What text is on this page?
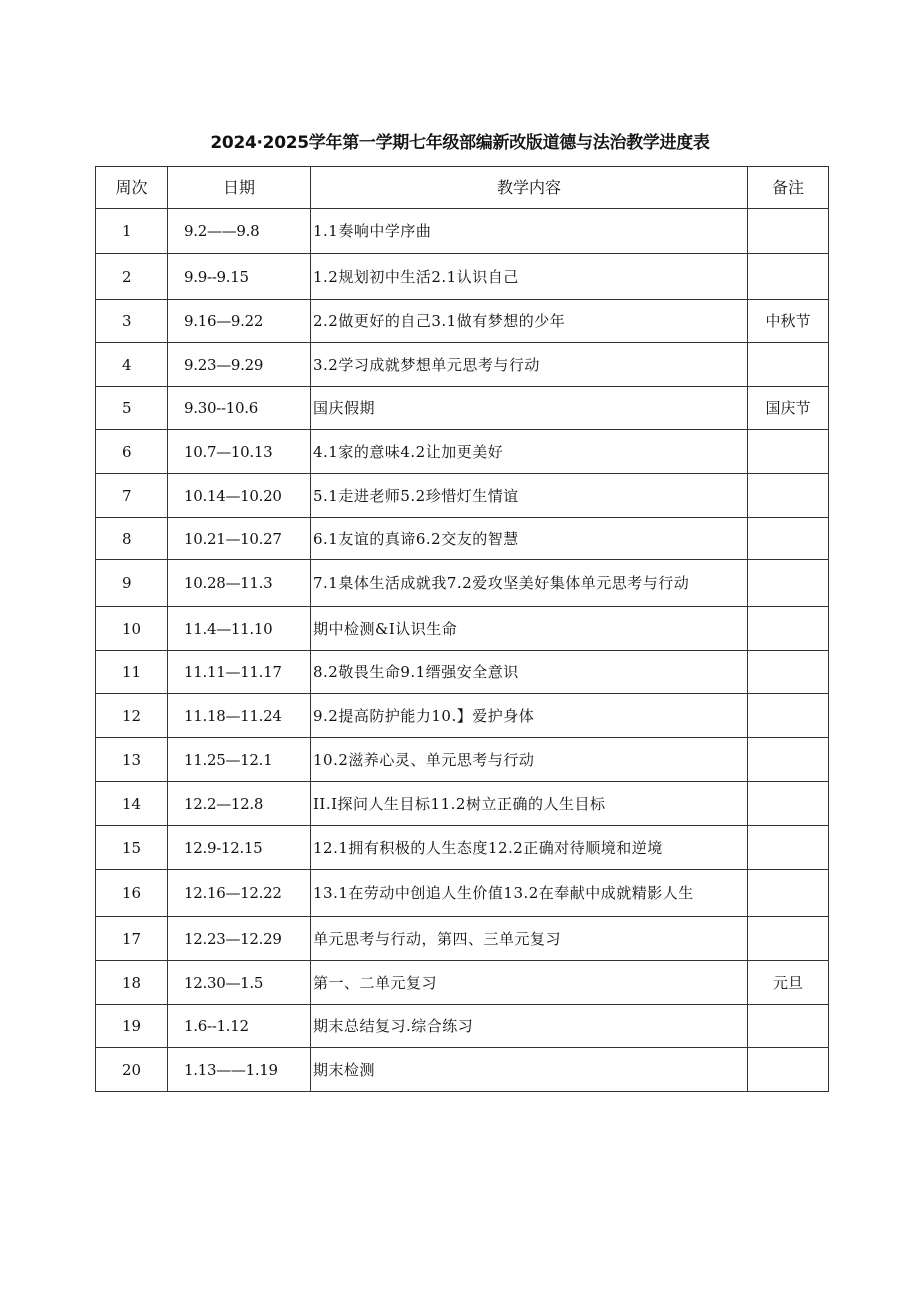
2024·2025学年第一学期七年级部编新改版道德与法治教学进度表
周次	日期	教学内容	备注
1	9.2——9.8	1.1奏响中学序曲	
2	9.9--9.15	1.2规划初中生活2.1认识自己	
3	9.16—9.22	2.2做更好的自己3.1做有梦想的少年	中秋节
4	9.23—9.29	3.2学习成就梦想单元思考与行动	
5	9.30--10.6	国庆假期	国庆节
6	10.7—10.13	4.1家的意味4.2让加更美好	
7	10.14—10.20	5.1走进老师5.2珍惜灯生情谊	
8	10.21—10.27	6.1友谊的真谛6.2交友的智慧	
9	10.28—11.3	7.1臬体生活成就我7.2爱攻坚美好集体单元思考与行动	
10	11.4—11.10	期中检测&I认识生命	
11	11.11—11.17	8.2敬畏生命9.1缙强安全意识	
12	11.18—11.24	9.2提高防护能力10.】爱护身体	
13	11.25—12.1	10.2滋养心灵、单元思考与行动	
14	12.2—12.8	II.I探问人生目标11.2树立正确的人生目标	
15	12.9-12.15	12.1拥有积极的人生态度12.2正确对待顺境和逆境	
16	12.16—12.22	13.1在劳动中创追人生价值13.2在奉献中成就精影人生	
17	12.23—12.29	单元思考与行动，第四、三单元复习	
18	12.30—1.5	第一、二单元复习	元旦
19	1.6--1.12	期末总结复习.综合练习	
20	1.13——1.19	期末检测	
